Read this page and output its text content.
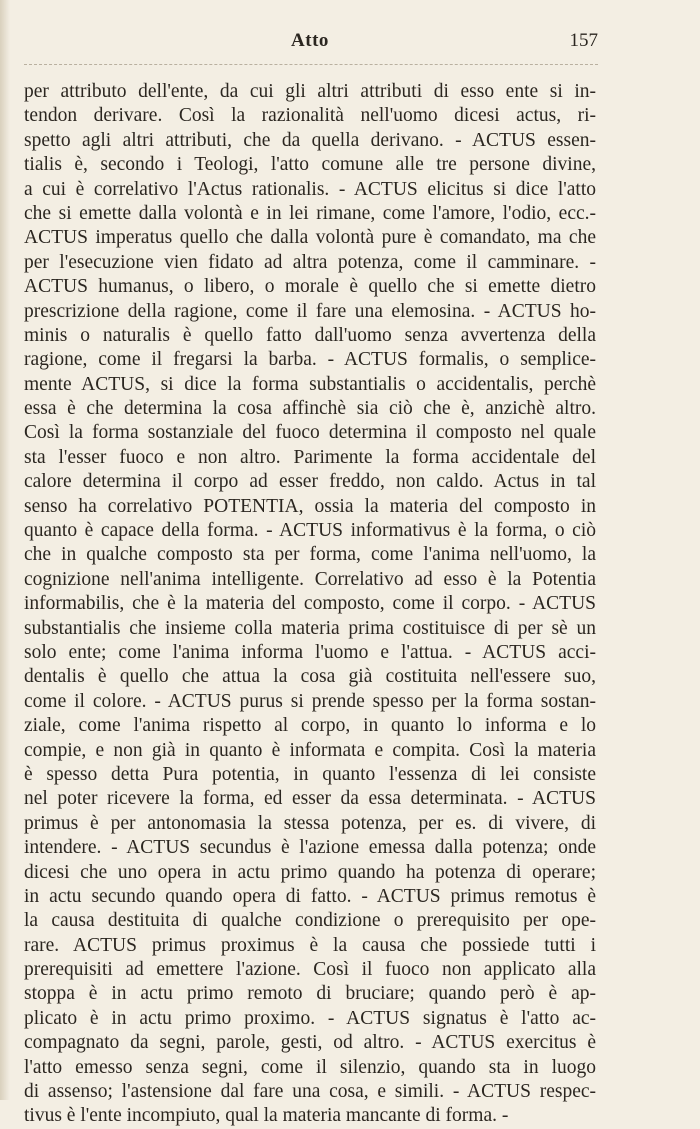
Atto	157
per attributo dell'ente, da cui gli altri attributi di esso ente si in-
tendon derivare. Così la razionalità nell'uomo dicesi actus, ri-
spetto agli altri attributi, che da quella derivano. - ACTUS essen-
tialis è, secondo i Teologi, l'atto comune alle tre persone divine,
a cui è correlativo l'Actus rationalis. - ACTUS elicitus si dice l'atto
che si emette dalla volontà e in lei rimane, come l'amore, l'odio, ecc.-
ACTUS imperatus quello che dalla volontà pure è comandato, ma che
per l'esecuzione vien fidato ad altra potenza, come il camminare. -
ACTUS humanus, o libero, o morale è quello che si emette dietro
prescrizione della ragione, come il fare una elemosina. - ACTUS ho-
minis o naturalis è quello fatto dall'uomo senza avvertenza della
ragione, come il fregarsi la barba. - ACTUS formalis, o semplice-
mente ACTUS, si dice la forma substantialis o accidentalis, perchè
essa è che determina la cosa affinchè sia ciò che è, anzichè altro.
Così la forma sostanziale del fuoco determina il composto nel quale
sta l'esser fuoco e non altro. Parimente la forma accidentale del
calore determina il corpo ad esser freddo, non caldo. Actus in tal
senso ha correlativo POTENTIA, ossia la materia del composto in
quanto è capace della forma. - ACTUS informativus è la forma, o ciò
che in qualche composto sta per forma, come l'anima nell'uomo, la
cognizione nell'anima intelligente. Correlativo ad esso è la Potentia
informabilis, che è la materia del composto, come il corpo. - ACTUS
substantialis che insieme colla materia prima costituisce di per sè un
solo ente; come l'anima informa l'uomo e l'attua. - ACTUS acci-
dentalis è quello che attua la cosa già costituita nell'essere suo,
come il colore. - ACTUS purus si prende spesso per la forma sostan-
ziale, come l'anima rispetto al corpo, in quanto lo informa e lo
compie, e non già in quanto è informata e compita. Così la materia
è spesso detta Pura potentia, in quanto l'essenza di lei consiste
nel poter ricevere la forma, ed esser da essa determinata. - ACTUS
primus è per antonomasia la stessa potenza, per es. di vivere, di
intendere. - ACTUS secundus è l'azione emessa dalla potenza; onde
dicesi che uno opera in actu primo quando ha potenza di operare;
in actu secundo quando opera di fatto. - ACTUS primus remotus è
la causa destituita di qualche condizione o prerequisito per ope-
rare. ACTUS primus proximus è la causa che possiede tutti i
prerequisiti ad emettere l'azione. Così il fuoco non applicato alla
stoppa è in actu primo remoto di bruciare; quando però è ap-
plicato è in actu primo proximo. - ACTUS signatus è l'atto ac-
compagnato da segni, parole, gesti, od altro. - ACTUS exercitus è
l'atto emesso senza segni, come il silenzio, quando sta in luogo
di assenso; l'astensione dal fare una cosa, e simili. - ACTUS respec-
tivus è l'ente incompiuto, qual la materia mancante di forma. -
